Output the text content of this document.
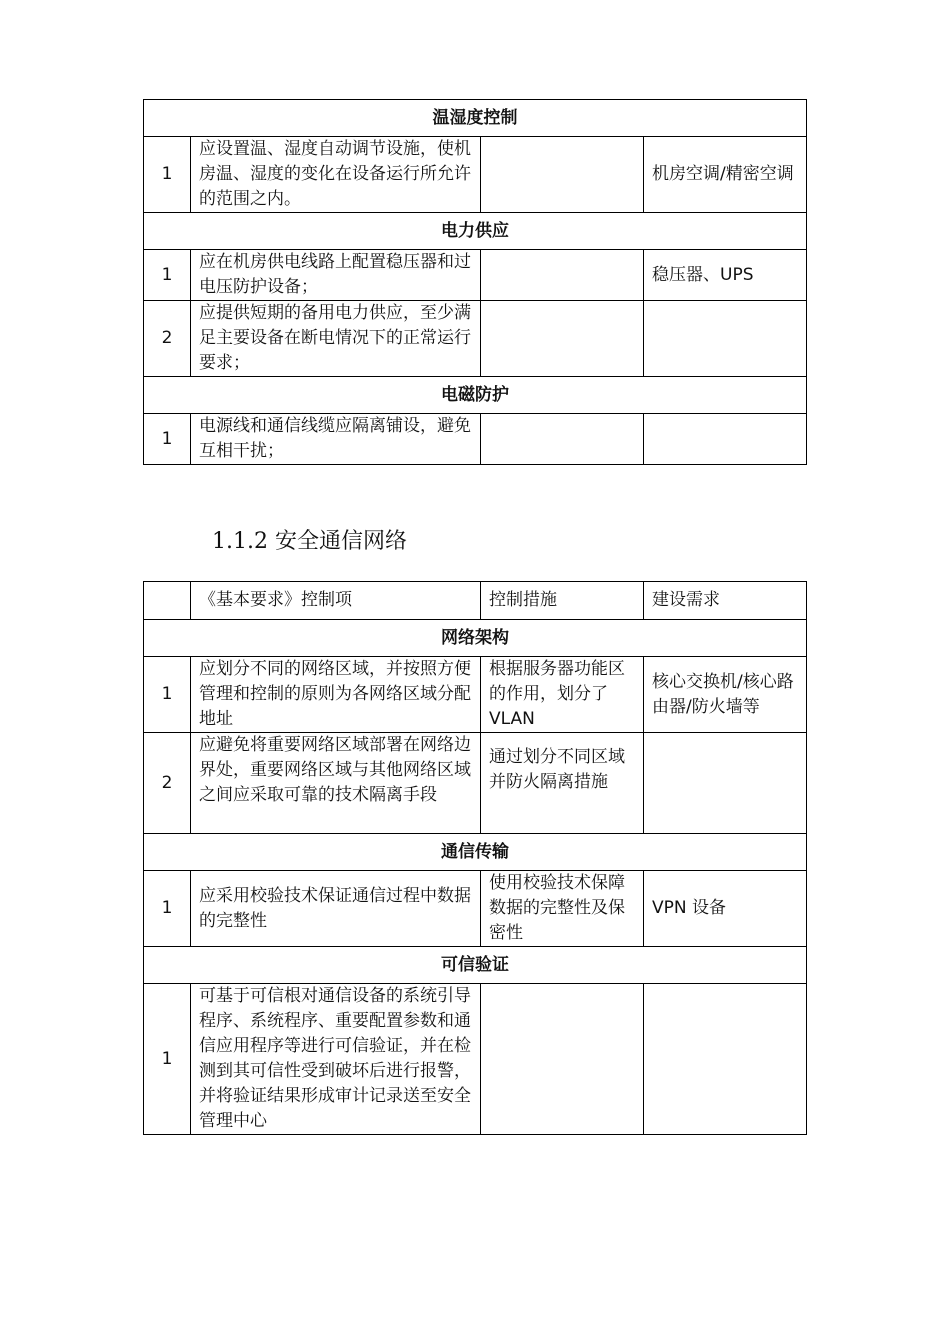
温湿度控制			
1	应设置温、湿度自动调节设施，使机房温、湿度的变化在设备运行所允许的范围之内。		机房空调/精密空调
电力供应			
1	应在机房供电线路上配置稳压器和过电压防护设备；		稳压器、UPS
2	应提供短期的备用电力供应，至少满足主要设备在断电情况下的正常运行要求；		
电磁防护			
1	电源线和通信线缆应隔离铺设，避免互相干扰；		
1.1.2 安全通信网络
	《基本要求》控制项	控制措施	建设需求
网络架构			
1	应划分不同的网络区域，并按照方便管理和控制的原则为各网络区域分配地址	根据服务器功能区的作用，划分了VLAN	核心交换机/核心路由器/防火墙等
2	应避免将重要网络区域部署在网络边界处，重要网络区域与其他网络区域之间应采取可靠的技术隔离手段	通过划分不同区域并防火隔离措施	
通信传输			
1	应采用校验技术保证通信过程中数据的完整性	使用校验技术保障数据的完整性及保密性	VPN 设备
可信验证			
1	可基于可信根对通信设备的系统引导程序、系统程序、重要配置参数和通信应用程序等进行可信验证，并在检测到其可信性受到破坏后进行报警，并将验证结果形成审计记录送至安全管理中心		
